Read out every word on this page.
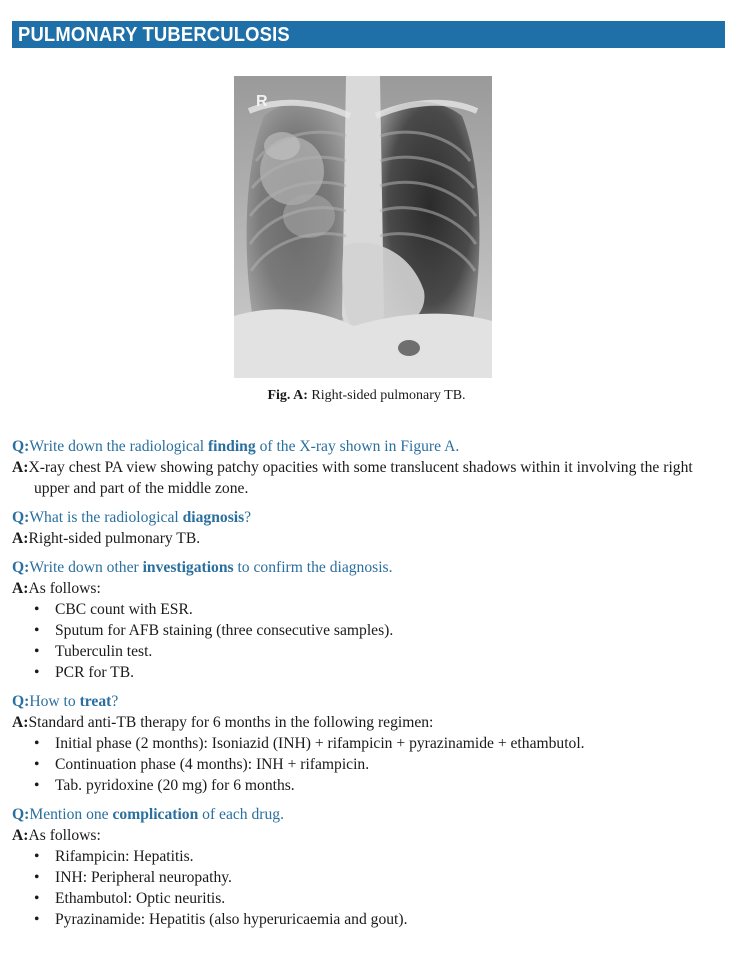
PULMONARY TUBERCULOSIS
R
Fig. A: Right-sided pulmonary TB.
Q:Write down the radiological finding of the X-ray shown in Figure A.
A:X-ray chest PA view showing patchy opacities with some translucent shadows within it involving the right upper and part of the middle zone.
Q:What is the radiological diagnosis?
A:Right-sided pulmonary TB.
Q:Write down other investigations to confirm the diagnosis.
A:As follows:
• CBC count with ESR.
• Sputum for AFB staining (three consecutive samples).
• Tuberculin test.
• PCR for TB.
Q:How to treat?
A:Standard anti-TB therapy for 6 months in the following regimen:
• Initial phase (2 months): Isoniazid (INH) + rifampicin + pyrazinamide + ethambutol.
• Continuation phase (4 months): INH + rifampicin.
• Tab. pyridoxine (20 mg) for 6 months.
Q:Mention one complication of each drug.
A:As follows:
• Rifampicin: Hepatitis.
• INH: Peripheral neuropathy.
• Ethambutol: Optic neuritis.
• Pyrazinamide: Hepatitis (also hyperuricaemia and gout).
